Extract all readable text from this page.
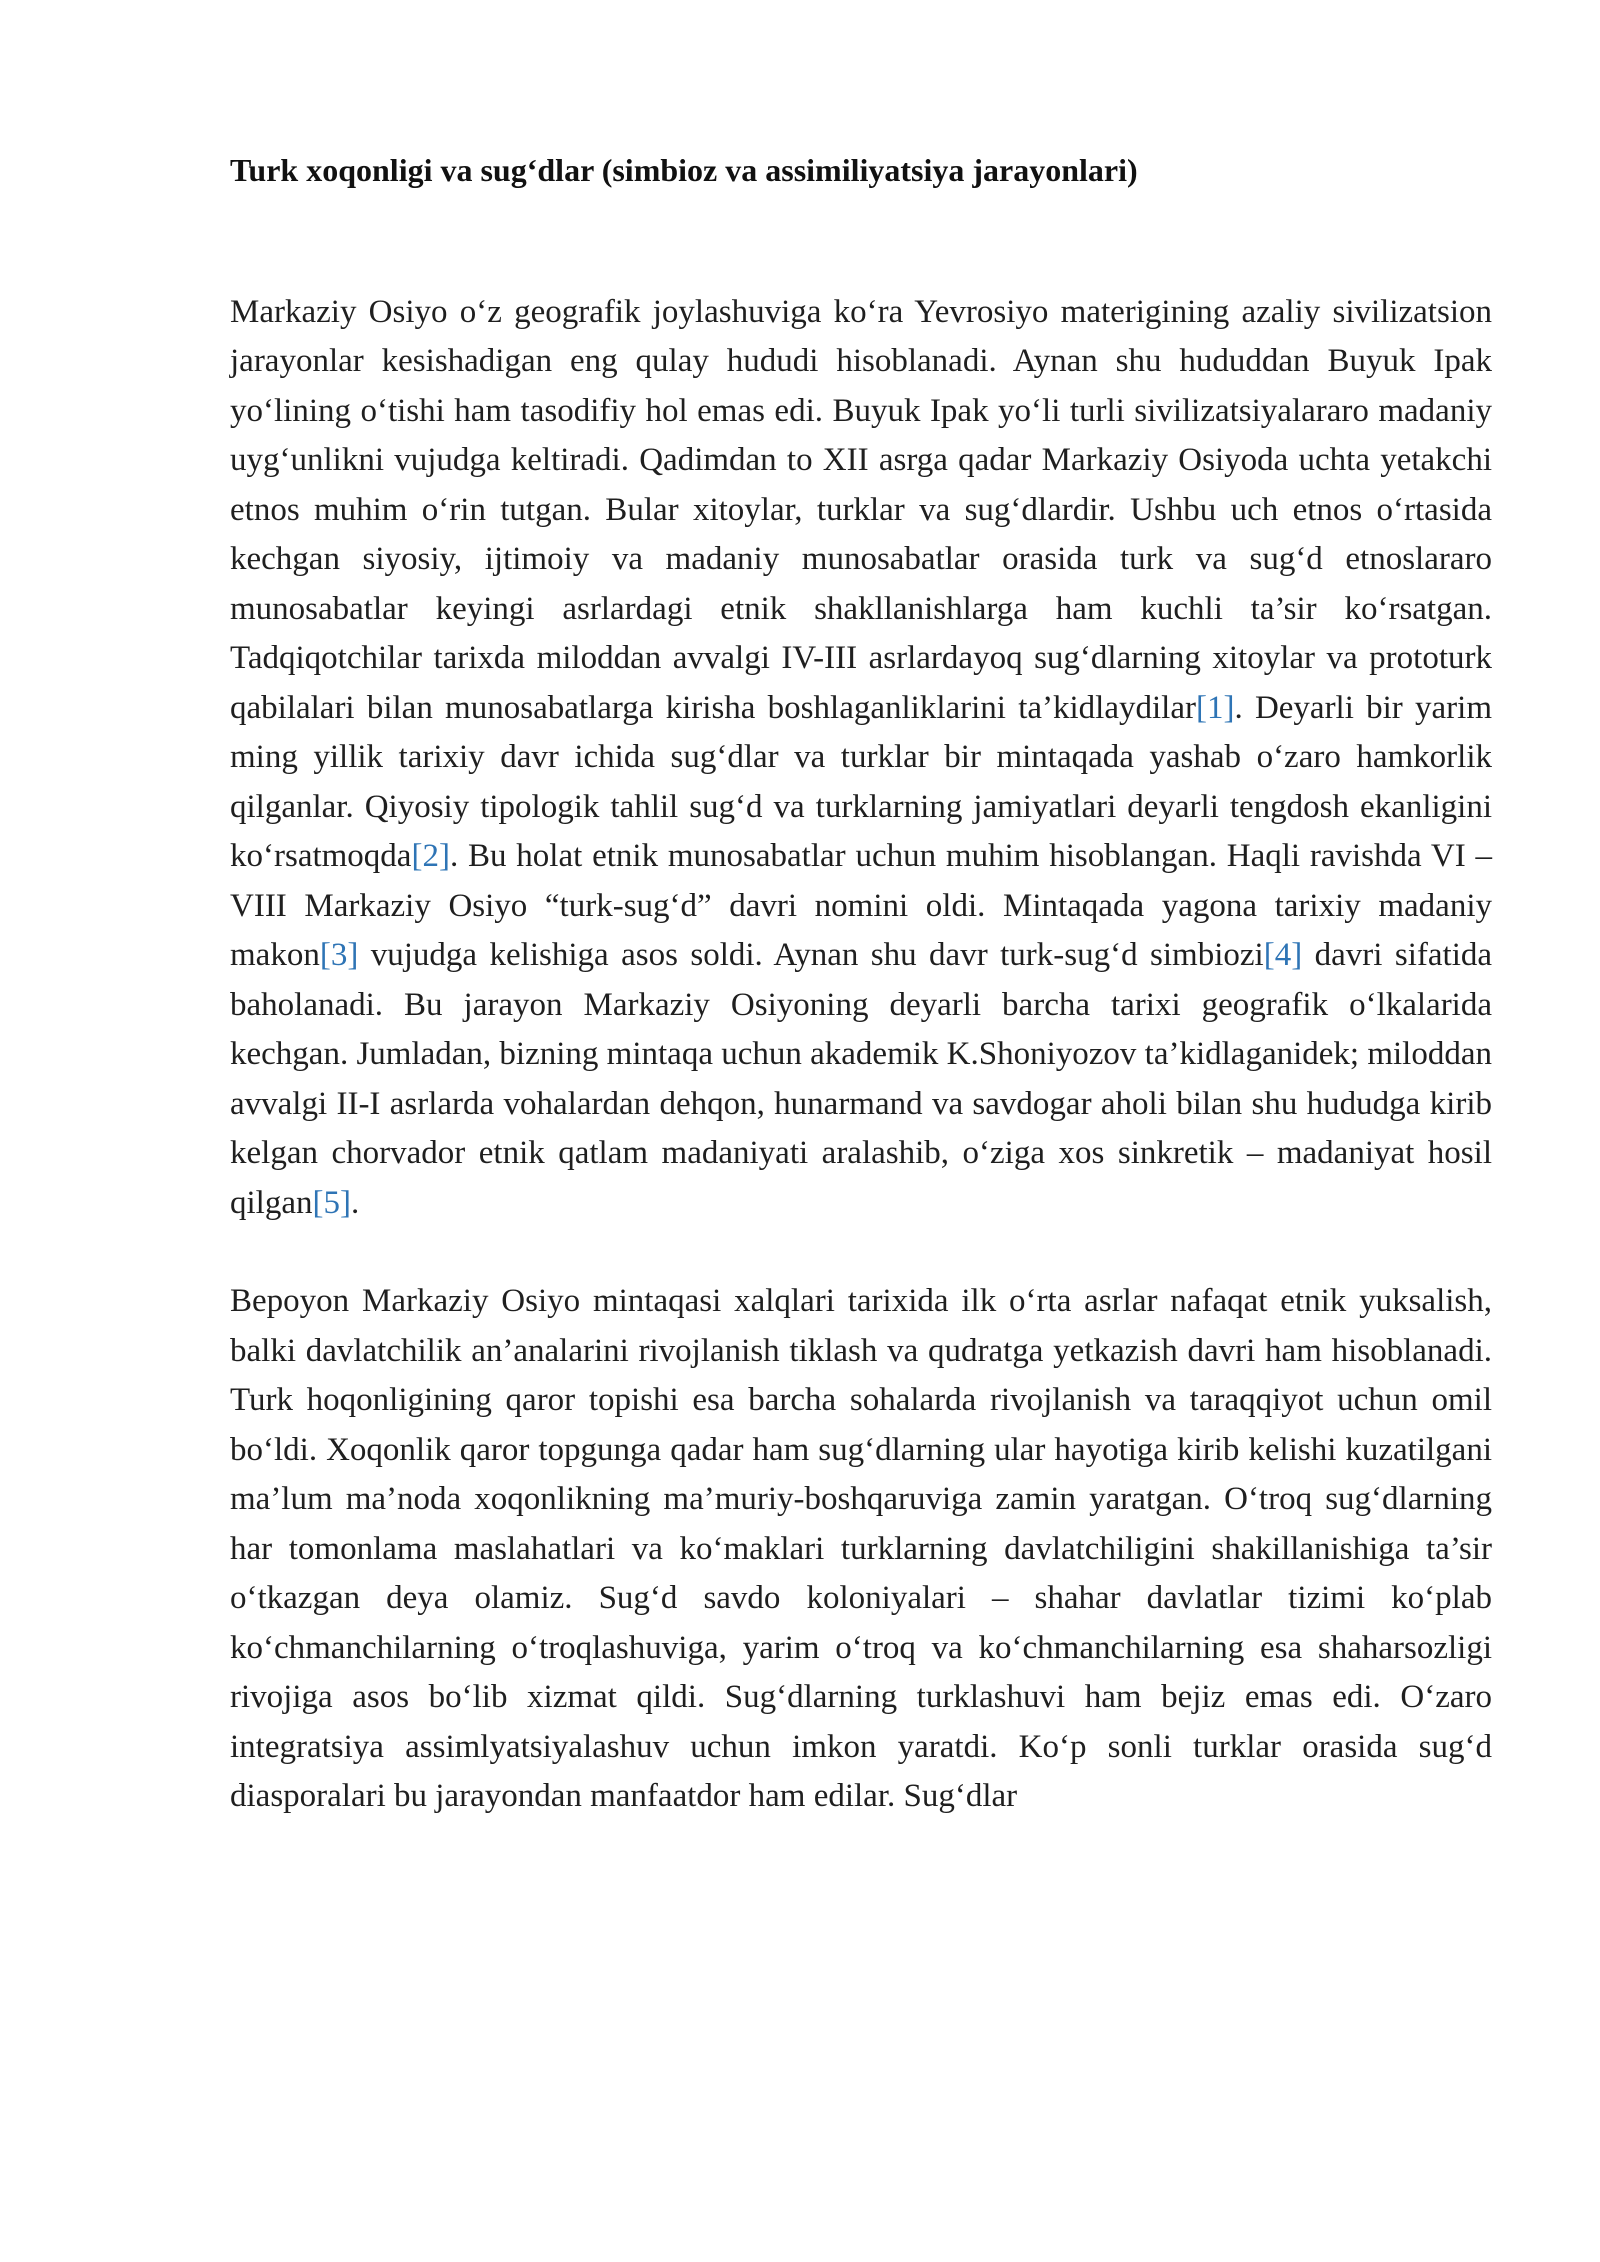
Turk xoqonligi va sug‘dlar (simbioz va assimiliyatsiya jarayonlari)

Markaziy Osiyo o‘z geografik joylashuviga ko‘ra Yevrosiyo materigining azaliy sivilizatsion jarayonlar kesishadigan eng qulay hududi hisoblanadi. Aynan shu hududdan Buyuk Ipak yo‘lining o‘tishi ham tasodifiy hol emas edi. Buyuk Ipak yo‘li turli sivilizatsiyalararo madaniy uyg‘unlikni vujudga keltiradi. Qadimdan to XII asrga qadar Markaziy Osiyoda uchta yetakchi etnos muhim o‘rin tutgan. Bular xitoylar, turklar va sug‘dlardir. Ushbu uch etnos o‘rtasida kechgan siyosiy, ijtimoiy va madaniy munosabatlar orasida turk va sug‘d etnoslararo munosabatlar keyingi asrlardagi etnik shakllanishlarga ham kuchli ta’sir ko‘rsatgan. Tadqiqotchilar tarixda miloddan avvalgi IV-III asrlardayoq sug‘dlarning xitoylar va prototurk qabilalari bilan munosabatlarga kirisha boshlaganliklarini ta’kidlaydilar[1]. Deyarli bir yarim ming yillik tarixiy davr ichida sug‘dlar va turklar bir mintaqada yashab o‘zaro hamkorlik qilganlar. Qiyosiy tipologik tahlil sug‘d va turklarning jamiyatlari deyarli tengdosh ekanligini ko‘rsatmoqda[2]. Bu holat etnik munosabatlar uchun muhim hisoblangan. Haqli ravishda VI – VIII Markaziy Osiyo “turk-sug‘d” davri nomini oldi. Mintaqada yagona tarixiy madaniy makon[3] vujudga kelishiga asos soldi. Aynan shu davr turk-sug‘d simbiozi[4] davri sifatida baholanadi. Bu jarayon Markaziy Osiyoning deyarli barcha tarixi geografik o‘lkalarida kechgan. Jumladan, bizning mintaqa uchun akademik K.Shoniyozov ta’kidlaganidek; miloddan avvalgi II-I asrlarda vohalardan dehqon, hunarmand va savdogar aholi bilan shu hududga kirib kelgan chorvador etnik qatlam madaniyati aralashib, o‘ziga xos sinkretik – madaniyat hosil qilgan[5].

Bepoyon Markaziy Osiyo mintaqasi xalqlari tarixida ilk o‘rta asrlar nafaqat etnik yuksalish, balki davlatchilik an’analarini rivojlanish tiklash va qudratga yetkazish davri ham hisoblanadi. Turk hoqonligining qaror topishi esa barcha sohalarda rivojlanish va taraqqiyot uchun omil bo‘ldi. Xoqonlik qaror topgunga qadar ham sug‘dlarning ular hayotiga kirib kelishi kuzatilgani ma’lum ma’noda xoqonlikning ma’muriy-boshqaruviga zamin yaratgan. O‘troq sug‘dlarning har tomonlama maslahatlari va ko‘maklari turklarning davlatchiligini shakillanishiga ta’sir o‘tkazgan deya olamiz. Sug‘d savdo koloniyalari – shahar davlatlar tizimi ko‘plab ko‘chmanchilarning o‘troqlashuviga, yarim o‘troq va ko‘chmanchilarning esa shaharsozligi rivojiga asos bo‘lib xizmat qildi. Sug‘dlarning turklashuvi ham bejiz emas edi. O‘zaro integratsiya assimlyatsiyalashuv uchun imkon yaratdi. Ko‘p sonli turklar orasida sug‘d diasporalari bu jarayondan manfaatdor ham edilar. Sug‘dlar
